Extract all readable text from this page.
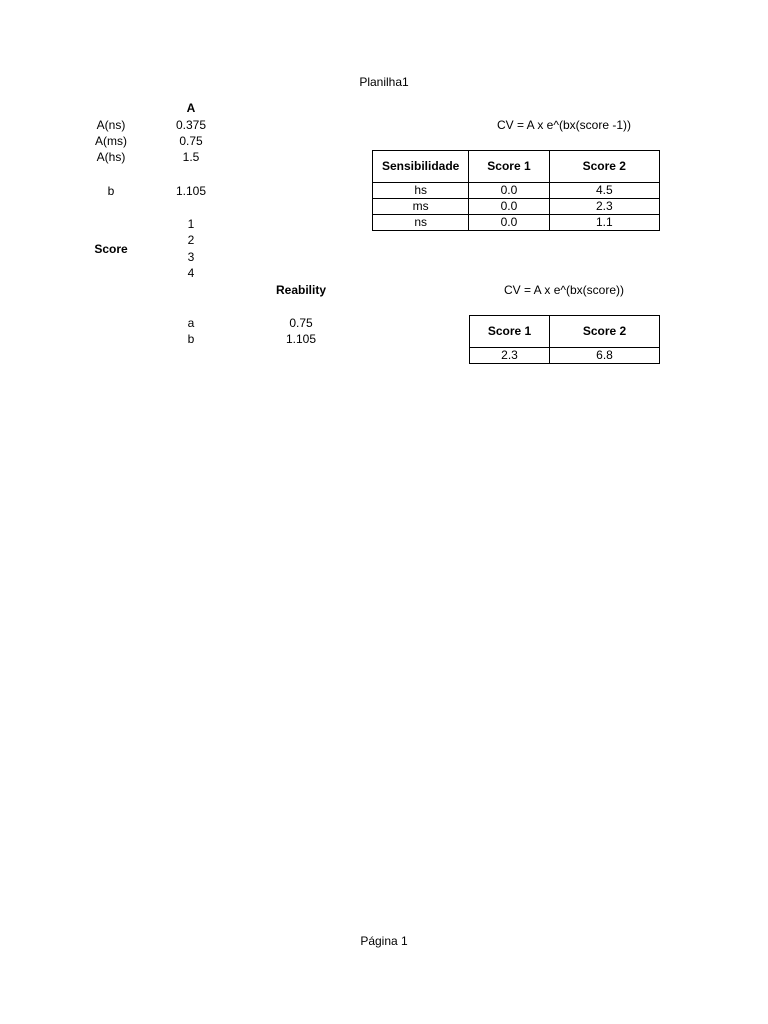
Planilha1
A
A(ns)	0.375
A(ms)	0.75
A(hs)	1.5
b	1.105
Score
1
2
3
4
Reability
a	0.75
b	1.105
CV = A x e^(bx(score -1))
Sensibilidade	Score 1	Score 2
hs	0.0	4.5
ms	0.0	2.3
ns	0.0	1.1
CV = A x e^(bx(score))
Score 1	Score 2
2.3	6.8
Página 1
